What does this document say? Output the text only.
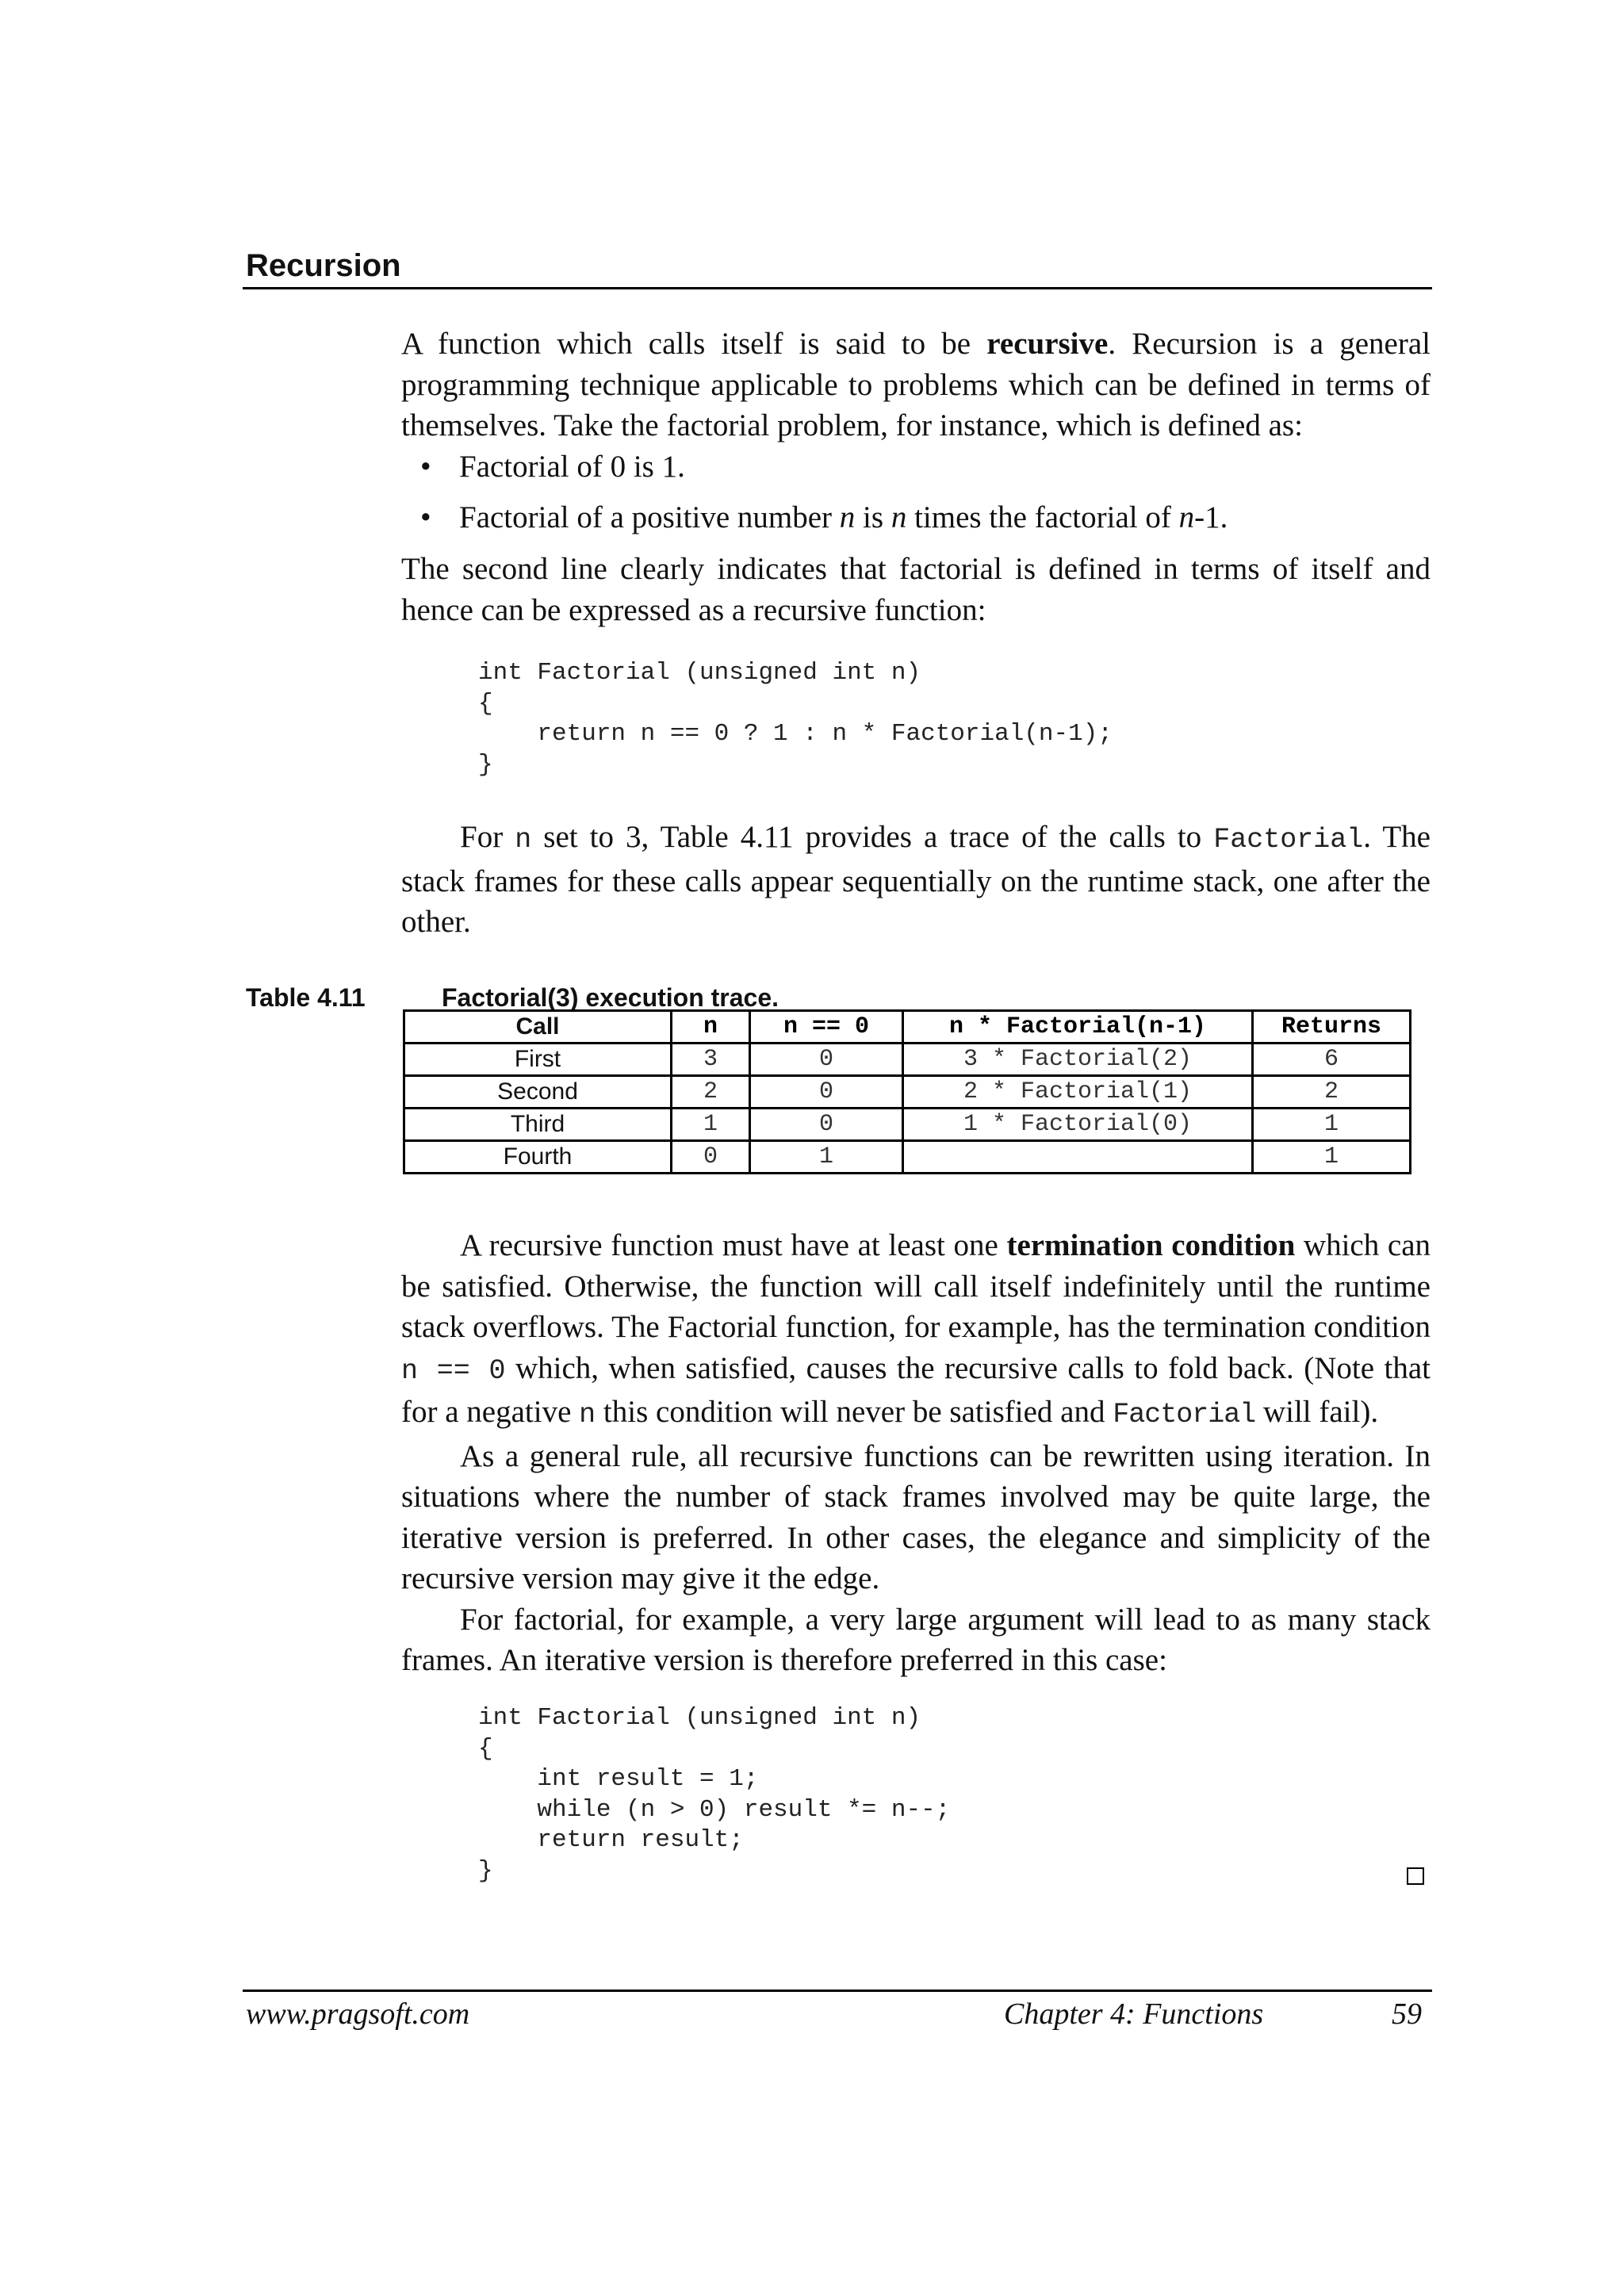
Recursion

A function which calls itself is said to be recursive. Recursion is a general programming technique applicable to problems which can be defined in terms of themselves. Take the factorial problem, for instance, which is defined as:

• Factorial of 0 is 1.
• Factorial of a positive number n is n times the factorial of n-1.

The second line clearly indicates that factorial is defined in terms of itself and hence can be expressed as a recursive function:

int Factorial (unsigned int n)
{
return n == 0 ? 1 : n * Factorial(n-1);
}

For n set to 3, Table 4.11 provides a trace of the calls to Factorial. The stack frames for these calls appear sequentially on the runtime stack, one after the other.

Table 4.11	Factorial(3) execution trace.
Call	n	n == 0	n * Factorial(n-1)	Returns
First	3	0	3 * Factorial(2)	6
Second	2	0	2 * Factorial(1)	2
Third	1	0	1 * Factorial(0)	1
Fourth	0	1		1

A recursive function must have at least one termination condition which can be satisfied. Otherwise, the function will call itself indefinitely until the runtime stack overflows. The Factorial function, for example, has the termination condition n == 0 which, when satisfied, causes the recursive calls to fold back. (Note that for a negative n this condition will never be satisfied and Factorial will fail).

As a general rule, all recursive functions can be rewritten using iteration. In situations where the number of stack frames involved may be quite large, the iterative version is preferred. In other cases, the elegance and simplicity of the recursive version may give it the edge.

For factorial, for example, a very large argument will lead to as many stack frames. An iterative version is therefore preferred in this case:

int Factorial (unsigned int n)
{
int result = 1;
while (n > 0) result *= n--;
return result;
}
www.pragsoft.com	Chapter 4: Functions	59
